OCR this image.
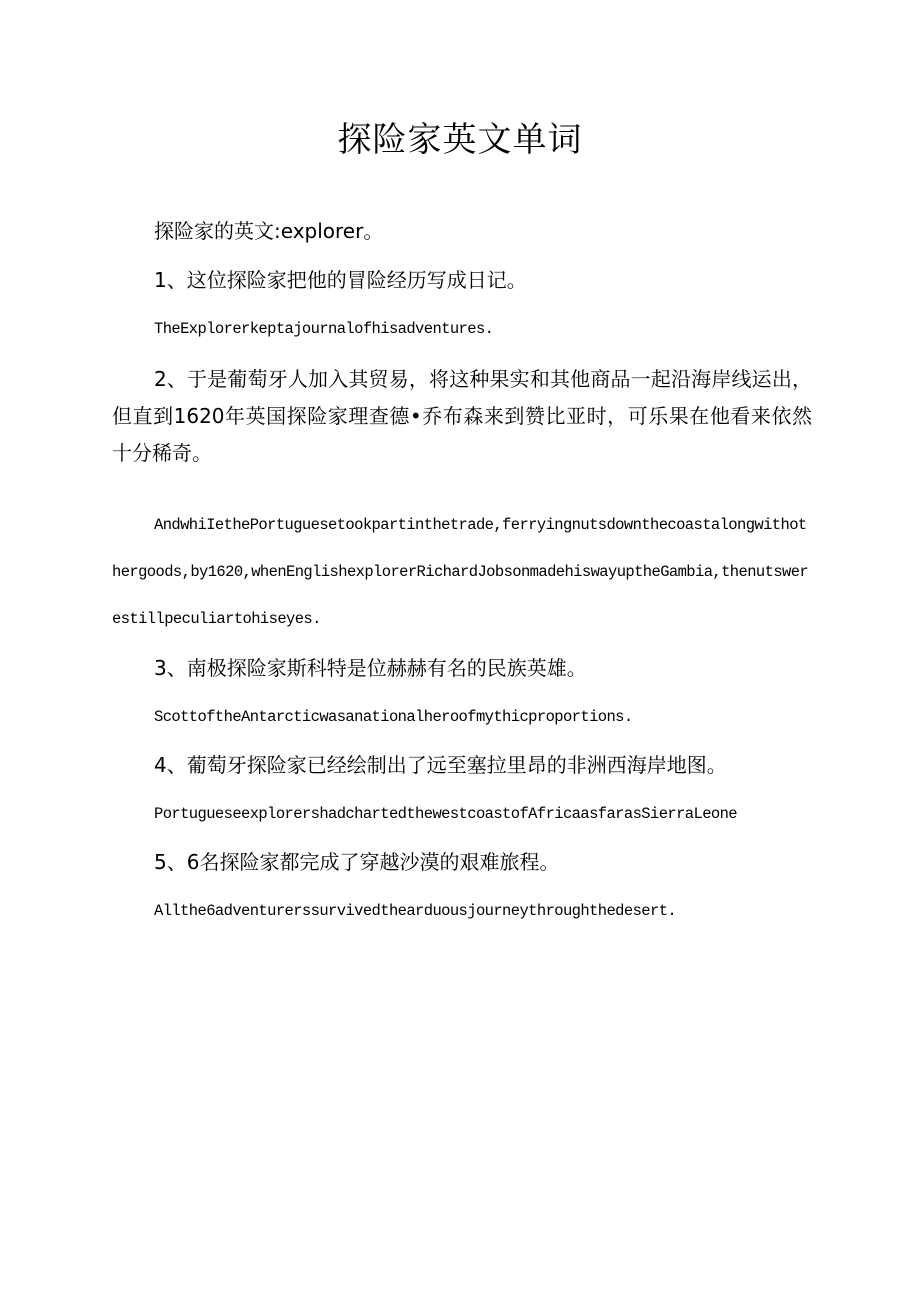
探险家英文单词

探险家的英文:explorer。

1、这位探险家把他的冒险经历写成日记。

TheExplorerkeptajournalofhisadventures.

2、于是葡萄牙人加入其贸易，将这种果实和其他商品一起沿海岸线运出，但直到1620年英国探险家理查德•乔布森来到赞比亚时，可乐果在他看来依然十分稀奇。

AndwhiIethePortuguesetookpartinthetrade,ferryingnutsdownthecoastalongwithothergoods,by1620,whenEnglishexplorerRichardJobsonmadehiswayuptheGambia,thenutswerestillpeculiartohiseyes.

3、南极探险家斯科特是位赫赫有名的民族英雄。

ScottoftheAntarcticwasanationalheroofmythicproportions.

4、葡萄牙探险家已经绘制出了远至塞拉里昂的非洲西海岸地图。

PortugueseexplorershadchartedthewestcoastofAfricaasfarasSierraLeone

5、6名探险家都完成了穿越沙漠的艰难旅程。

Allthe6adventurerssurvivedthearduousjourneythroughthedesert.
